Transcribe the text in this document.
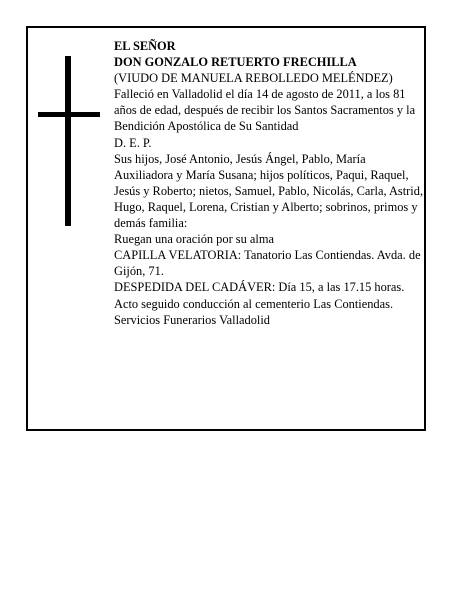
EL SEÑOR

DON GONZALO RETUERTO FRECHILLA

(VIUDO DE MANUELA REBOLLEDO MELÉNDEZ)

Falleció en Valladolid el día 14 de agosto de 2011, a los 81 años de edad, después de recibir los Santos Sacramentos y la Bendición Apostólica de Su Santidad

D. E. P.

Sus hijos, José Antonio, Jesús Ángel, Pablo, María Auxiliadora y María Susana; hijos políticos, Paqui, Raquel, Jesús y Roberto; nietos, Samuel, Pablo, Nicolás, Carla, Astrid, Hugo, Raquel, Lorena, Cristian y Alberto; sobrinos, primos y demás familia:

Ruegan una oración por su alma

CAPILLA VELATORIA: Tanatorio Las Contiendas. Avda. de Gijón, 71.

DESPEDIDA DEL CADÁVER: Día 15, a las 17.15 horas. Acto seguido conducción al cementerio Las Contiendas.

Servicios Funerarios Valladolid
